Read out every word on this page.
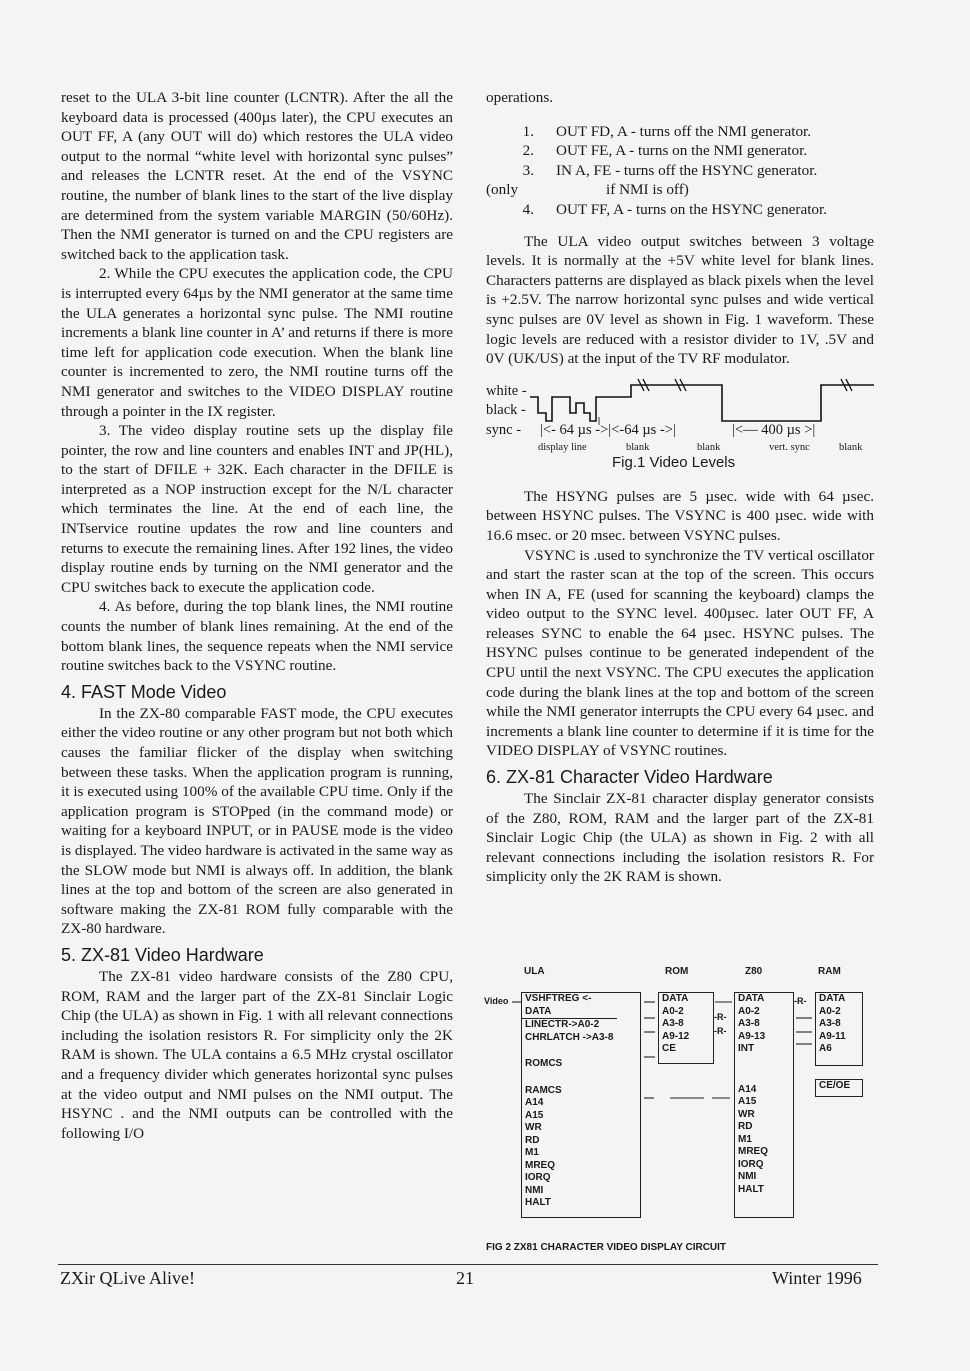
reset to the ULA 3-bit line counter (LCNTR). After the all the keyboard data is processed (400µs later), the CPU executes an OUT FF, A (any OUT will do) which restores the ULA video output to the normal “white level with horizontal sync pulses” and releases the LCNTR reset. At the end of the VSYNC routine, the number of blank lines to the start of the live display are determined from the system variable MARGIN (50/60Hz). Then the NMI generator is turned on and the CPU registers are switched back to the application task.

2. While the CPU executes the application code, the CPU is interrupted every 64µs by the NMI generator at the same time the ULA generates a horizontal sync pulse. The NMI routine increments a blank line counter in A’ and returns if there is more time left for application code execution. When the blank line counter is incremented to zero, the NMI routine turns off the NMI generator and switches to the VIDEO DISPLAY routine through a pointer in the IX register.

3. The video display routine sets up the display file pointer, the row and line counters and enables INT and JP(HL), to the start of DFILE + 32K. Each character in the DFILE is interpreted as a NOP instruction except for the N/L character which terminates the line. At the end of each line, the INTservice routine updates the row and line counters and returns to execute the remaining lines. After 192 lines, the video display routine ends by turning on the NMI generator and the CPU switches back to execute the application code.

4. As before, during the top blank lines, the NMI routine counts the number of blank lines remaining. At the end of the bottom blank lines, the sequence repeats when the NMI service routine switches back to the VSYNC routine.

4. FAST Mode Video

In the ZX-80 comparable FAST mode, the CPU executes either the video routine or any other program but not both which causes the familiar flicker of the display when switching between these tasks. When the application program is running, it is executed using 100% of the available CPU time. Only if the application program is STOPped (in the command mode) or waiting for a keyboard INPUT, or in PAUSE mode is the video is displayed. The video hardware is activated in the same way as the SLOW mode but NMI is always off. In addition, the blank lines at the top and bottom of the screen are also generated in software making the ZX-81 ROM fully comparable with the ZX-80 hardware.

5. ZX-81 Video Hardware

The ZX-81 video hardware consists of the Z80 CPU, ROM, RAM and the larger part of the ZX-81 Sinclair Logic Chip (the ULA) as shown in Fig. 1 with all relevant connections including the isolation resistors R. For simplicity only the 2K RAM is shown. The ULA contains a 6.5 MHz crystal oscillator and a frequency divider which generates horizontal sync pulses at the video output and NMI pulses on the NMI output. The HSYNC . and the NMI outputs can be controlled with the following I/O

operations.

1.	OUT FD, A - turns off the NMI generator.
2.	OUT FE, A - turns on the NMI generator.
3.	IN A, FE - turns off the HSYNC generator.
(only	if NMI is off)
4.	OUT FF, A - turns on the HSYNC generator.

The ULA video output switches between 3 voltage levels. It is normally at the +5V white level for blank lines. Characters patterns are displayed as black pixels when the level is +2.5V. The narrow horizontal sync pulses and wide vertical sync pulses are 0V level as shown in Fig. 1 waveform. These logic levels are reduced with a resistor divider to 1V, .5V and 0V (UK/US) at the input of the TV RF modulator.

white -
black -
sync - |<- 64 µs ->|<-64 µs ->|	|<— 400 µs >|
display line	blank	blank	vert. sync	blank
Fig.1 Video Levels

The HSYNG pulses are 5 µsec. wide with 64 µsec. between HSYNC pulses. The VSYNC is 400 µsec. wide with 16.6 msec. or 20 msec. between VSYNC pulses.

VSYNC is .used to synchronize the TV vertical oscillator and start the raster scan at the top of the screen. This occurs when IN A, FE (used for scanning the keyboard) clamps the video output to the SYNC level. 400µsec. later OUT FF, A releases SYNC to enable the 64 µsec. HSYNC pulses. The HSYNC pulses continue to be generated independent of the CPU until the next VSYNC. The CPU executes the application code during the blank lines at the top and bottom of the screen while the NMI generator interrupts the CPU every 64 µsec. and increments a blank line counter to determine if it is time for the VIDEO DISPLAY of VSYNC routines.

6. ZX-81 Character Video Hardware

The Sinclair ZX-81 character display generator consists of the Z80, ROM, RAM and the larger part of the ZX-81 Sinclair Logic Chip (the ULA) as shown in Fig. 2 with all relevant connections including the isolation resistors R. For simplicity only the 2K RAM is shown.

ULA	ROM	Z80	RAM
Video	VSHFTREG <-DATA
LINECTR->A0-2
CHRLATCH ->A3-8
ROMCS
RAMCS
A14
A15
WR
RD
M1
MREQ
IORQ
NMI
HALT
DATA
A0-2
A3-8
A9-12
CE
DATA
A0-2
A3-8
A9-13
INT
A14
A15
WR
RD
M1
MREQ
IORQ
NMI
HALT
DATA
A0-2
A3-8
A9-11
A6
CE/OE
-R-
-R-
-R-
FIG 2 ZX81 CHARACTER VIDEO DISPLAY CIRCUIT
ZXir QLive Alive!	21	Winter 1996
